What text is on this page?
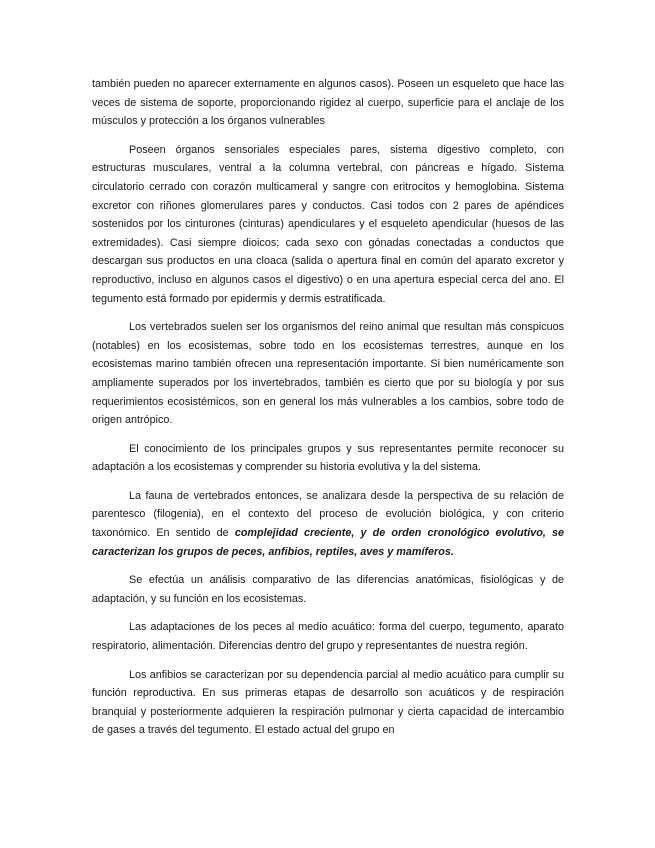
también pueden no aparecer externamente en algunos casos). Poseen un esqueleto que hace las veces de sistema de soporte, proporcionando rigidez al cuerpo, superficie para el anclaje de los músculos y protección a los órganos vulnerables

Poseen órganos sensoriales especiales pares, sistema digestivo completo, con estructuras musculares, ventral a la columna vertebral, con páncreas e hígado. Sistema circulatorio cerrado con corazón multicameral y sangre con eritrocitos y hemoglobina. Sistema excretor con riñones glomerulares pares y conductos. Casi todos con 2 pares de apéndices sostenidos por los cinturones (cinturas) apendiculares y el esqueleto apendicular (huesos de las extremidades). Casi siempre dioicos; cada sexo con gónadas conectadas a conductos que descargan sus productos en una cloaca (salida o apertura final en común del aparato excretor y reproductivo, incluso en algunos casos el digestivo) o en una apertura especial cerca del ano. El tegumento está formado por epidermis y dermis estratificada.

Los vertebrados suelen ser los organismos del reino animal que resultan más conspicuos (notables) en los ecosistemas, sobre todo en los ecosistemas terrestres, aunque en los ecosistemas marino también ofrecen una representación importante. Si bien numéricamente son ampliamente superados por los invertebrados, también es cierto que por su biología y por sus requerimientos ecosistémicos, son en general los más vulnerables a los cambios, sobre todo de origen antrópico.

El conocimiento de los principales grupos y sus representantes permite reconocer su adaptación a los ecosistemas y comprender su historia evolutiva y la del sistema.

La fauna de vertebrados entonces, se analizara desde la perspectiva de su relación de parentesco (filogenia), en el contexto del proceso de evolución biológica, y con criterio taxonómico. En sentido de complejidad creciente, y de orden cronológico evolutivo, se caracterizan los grupos de peces, anfibios, reptiles, aves y mamíferos.

Se efectúa un análisis comparativo de las diferencias anatómicas, fisiológicas y de adaptación, y su función en los ecosistemas.

Las adaptaciones de los peces al medio acuático: forma del cuerpo, tegumento, aparato respiratorio, alimentación. Diferencias dentro del grupo y representantes de nuestra región.

Los anfibios se caracterizan por su dependencia parcial al medio acuático para cumplir su función reproductiva. En sus primeras etapas de desarrollo son acuáticos y de respiración branquial y posteriormente adquieren la respiración pulmonar y cierta capacidad de intercambio de gases a través del tegumento. El estado actual del grupo en
